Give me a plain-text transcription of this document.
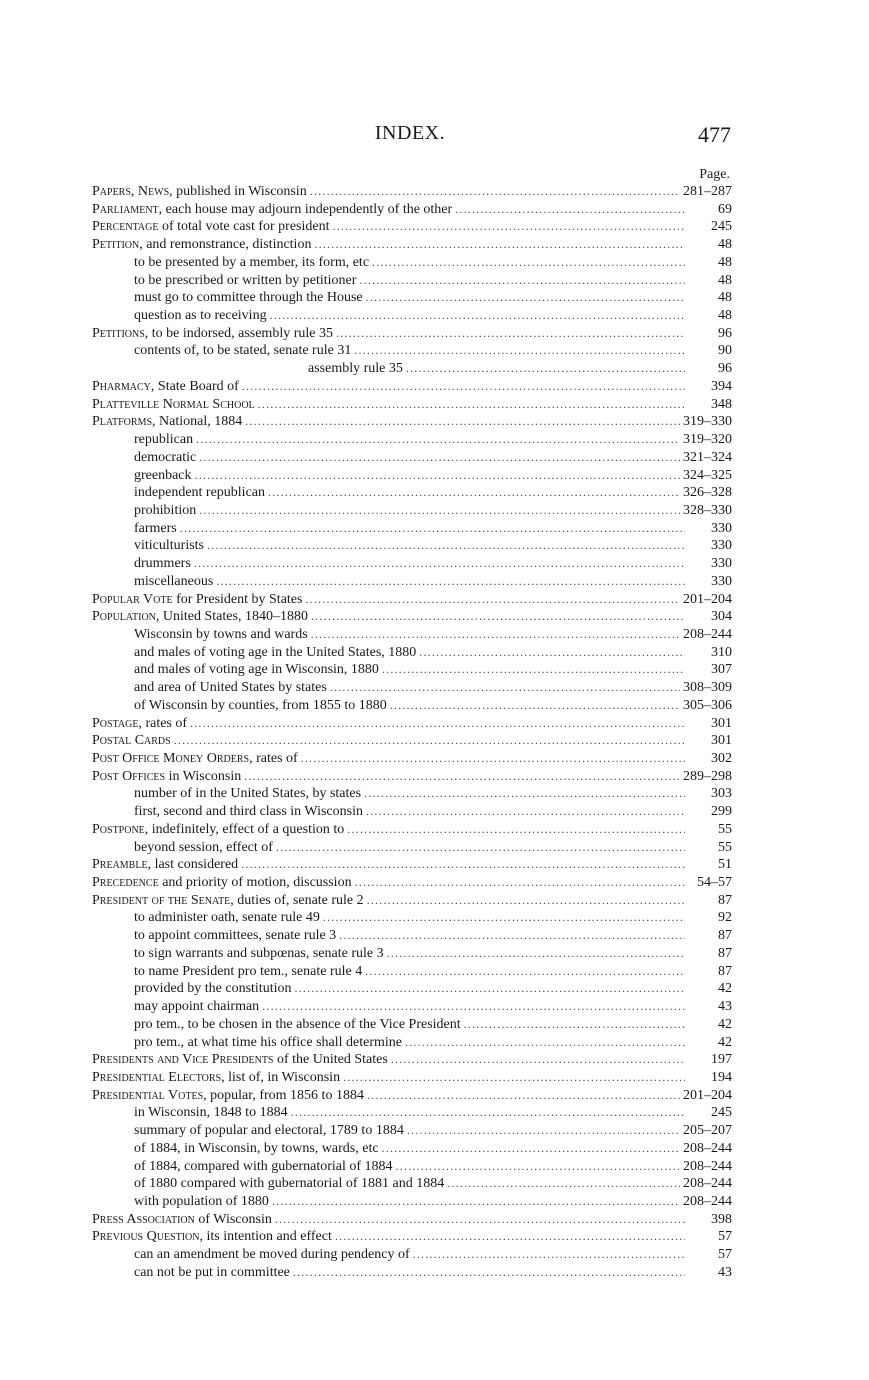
INDEX.	477
Page.
Papers, News, published in Wisconsin .....	281–287
Parliament, each house may adjourn independently of the other .....	69
Percentage of total vote cast for president .....	245
Petition, and remonstrance, distinction .....	48
to be presented by a member, its form, etc .....	48
to be prescribed or written by petitioner .....	48
must go to committee through the House .....	48
question as to receiving .....	48
Petitions, to be indorsed, assembly rule 35 .....	96
contents of, to be stated, senate rule 31 .....	90
assembly rule 35 .....	96
Pharmacy, State Board of .....	394
Platteville Normal School .....	348
Platforms, National, 1884 .....	319–330
republican .....	319–320
democratic .....	321–324
greenback .....	324–325
independent republican .....	326–328
prohibition .....	328–330
farmers .....	330
viticulturists .....	330
drummers .....	330
miscellaneous .....	330
Popular Vote for President by States .....	201–204
Population, United States, 1840–1880 .....	304
Wisconsin by towns and wards .....	208–244
and males of voting age in the United States, 1880 .....	310
and males of voting age in Wisconsin, 1880 .....	307
and area of United States by states .....	308–309
of Wisconsin by counties, from 1855 to 1880 .....	305–306
Postage, rates of .....	301
Postal Cards .....	301
Post Office Money Orders, rates of .....	302
Post Offices in Wisconsin .....	289–298
number of in the United States, by states .....	303
first, second and third class in Wisconsin .....	299
Postpone, indefinitely, effect of a question to .....	55
beyond session, effect of .....	55
Preamble, last considered .....	51
Precedence and priority of motion, discussion .....	54–57
President of the Senate, duties of, senate rule 2 .....	87
to administer oath, senate rule 49 .....	92
to appoint committees, senate rule 3 .....	87
to sign warrants and subpœnas, senate rule 3 .....	87
to name President pro tem., senate rule 4 .....	87
provided by the constitution .....	42
may appoint chairman .....	43
pro tem., to be chosen in the absence of the Vice President .....	42
pro tem., at what time his office shall determine .....	42
Presidents and Vice Presidents of the United States .....	197
Presidential Electors, list of, in Wisconsin .....	194
Presidential Votes, popular, from 1856 to 1884 .....	201–204
in Wisconsin, 1848 to 1884 .....	245
summary of popular and electoral, 1789 to 1884 .....	205–207
of 1884, in Wisconsin, by towns, wards, etc .....	208–244
of 1884, compared with gubernatorial of 1884 .....	208–244
of 1880 compared with gubernatorial of 1881 and 1884 .....	208–244
with population of 1880 .....	208–244
Press Association of Wisconsin .....	398
Previous Question, its intention and effect .....	57
can an amendment be moved during pendency of .....	57
can not be put in committee .....	43
